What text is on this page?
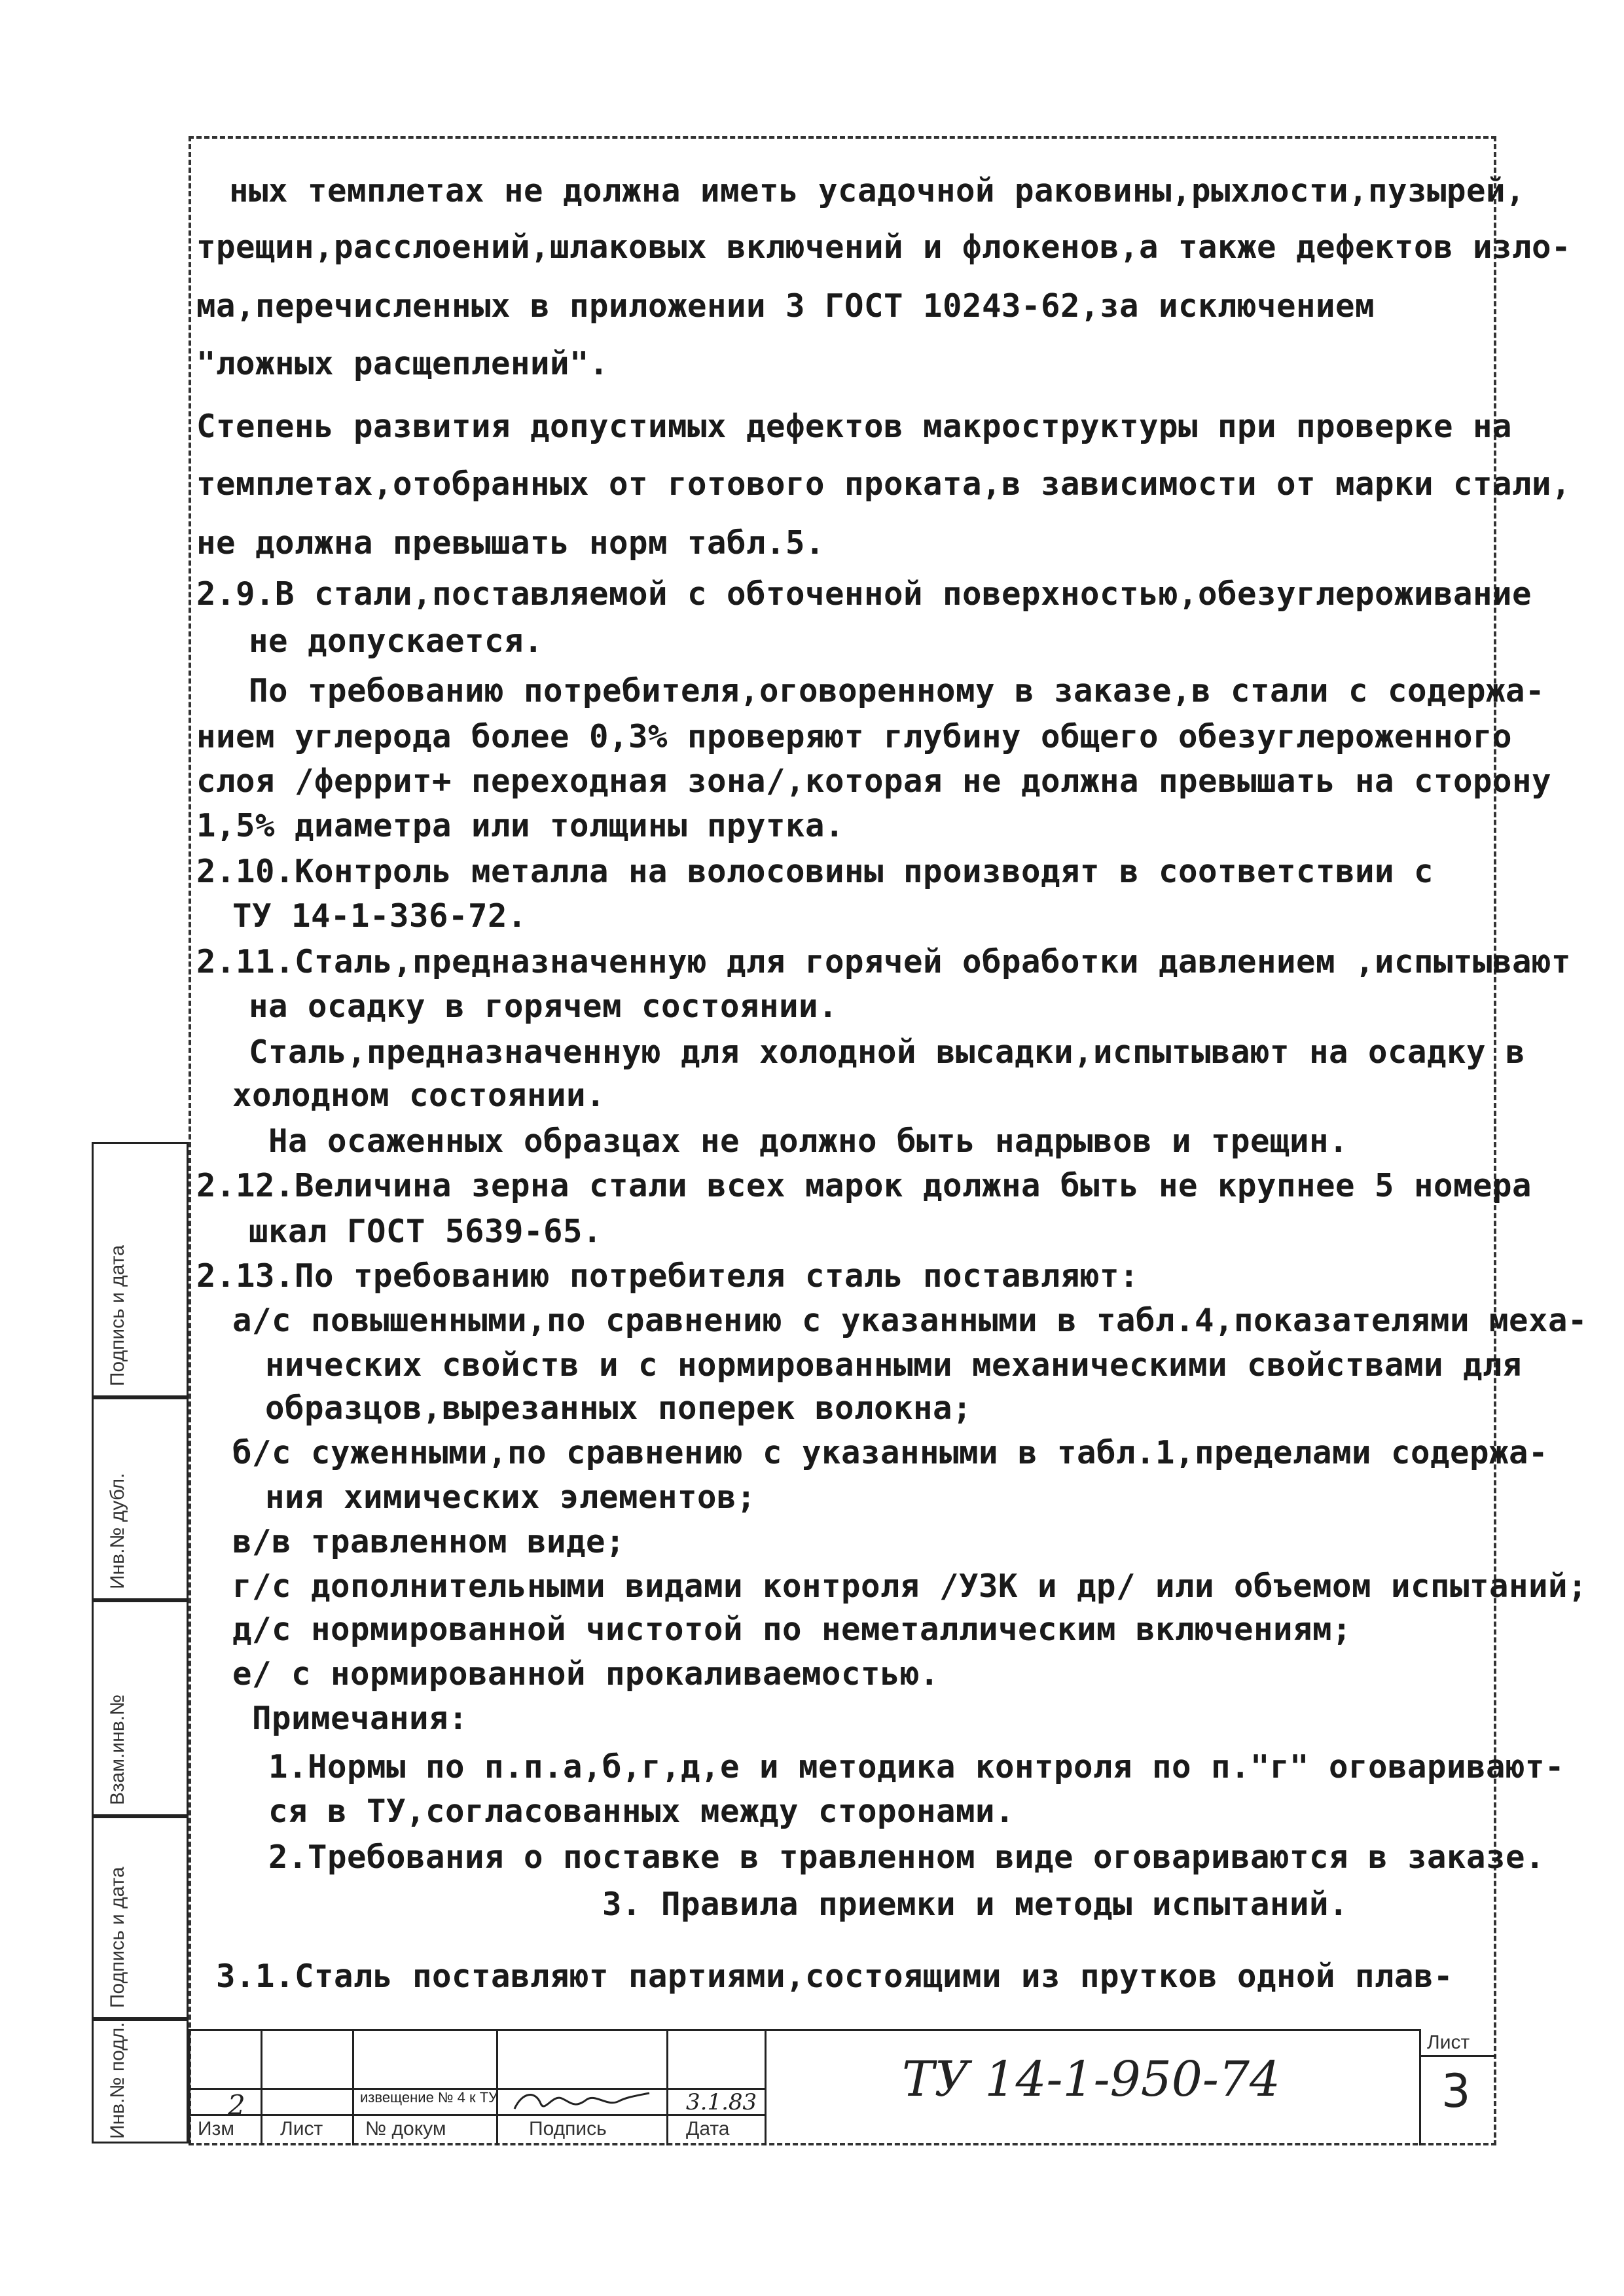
ных темплетах не должна иметь усадочной раковины,рыхлости,пузырей,
трещин,расслоений,шлаковых включений и флокенов,а также дефектов изло-
ма,перечисленных в приложении 3 ГОСТ 10243-62,за исключением
"ложных расщеплений".
Степень развития допустимых дефектов макроструктуры при проверке на
темплетах,отобранных от готового проката,в зависимости от марки стали,
не должна превышать норм табл.5.
2.9.В стали,поставляемой с обточенной поверхностью,обезуглероживание
не допускается.
По требованию потребителя,оговоренному в заказе,в стали с содержа-
нием углерода более 0,3% проверяют глубину общего обезуглероженного
слоя /феррит+ переходная зона/,которая не должна превышать на сторону
1,5% диаметра или толщины прутка.
2.10.Контроль металла на волосовины производят в соответствии с
ТУ 14-1-336-72.
2.11.Сталь,предназначенную для горячей обработки давлением ,испытывают
на осадку в горячем состоянии.
Сталь,предназначенную для холодной высадки,испытывают на осадку в
холодном состоянии.
На осаженных образцах не должно быть надрывов и трещин.
2.12.Величина зерна стали всех марок должна быть не крупнее 5 номера
шкал ГОСТ 5639-65.
2.13.По требованию потребителя сталь поставляют:
а/с повышенными,по сравнению с указанными в табл.4,показателями меха-
нических свойств и с нормированными механическими свойствами для
образцов,вырезанных поперек волокна;
б/с суженными,по сравнению с указанными в табл.1,пределами содержа-
ния химических элементов;
в/в травленном виде;
г/с дополнительными видами контроля /УЗК и др/ или объемом испытаний;
д/с нормированной чистотой по неметаллическим включениям;
е/ с нормированной прокаливаемостью.
Примечания:
1.Нормы по п.п.а,б,г,д,е и методика контроля по п."г" оговаривают-
ся в ТУ,согласованных между сторонами.
2.Требования о поставке в травленном виде оговариваются в заказе.
3. Правила приемки и методы испытаний.
3.1.Сталь поставляют партиями,состоящими из прутков одной плав-
Подпись и дата
Инв.№ дубл.
Взам.инв.№
Подпись и дата
Инв.№ подл.	2	извещение № 4 к ТУ	3.1.83
Изм Лист № докум	Подпись	Дата
ТУ 14-1-950-74
Лист
3
